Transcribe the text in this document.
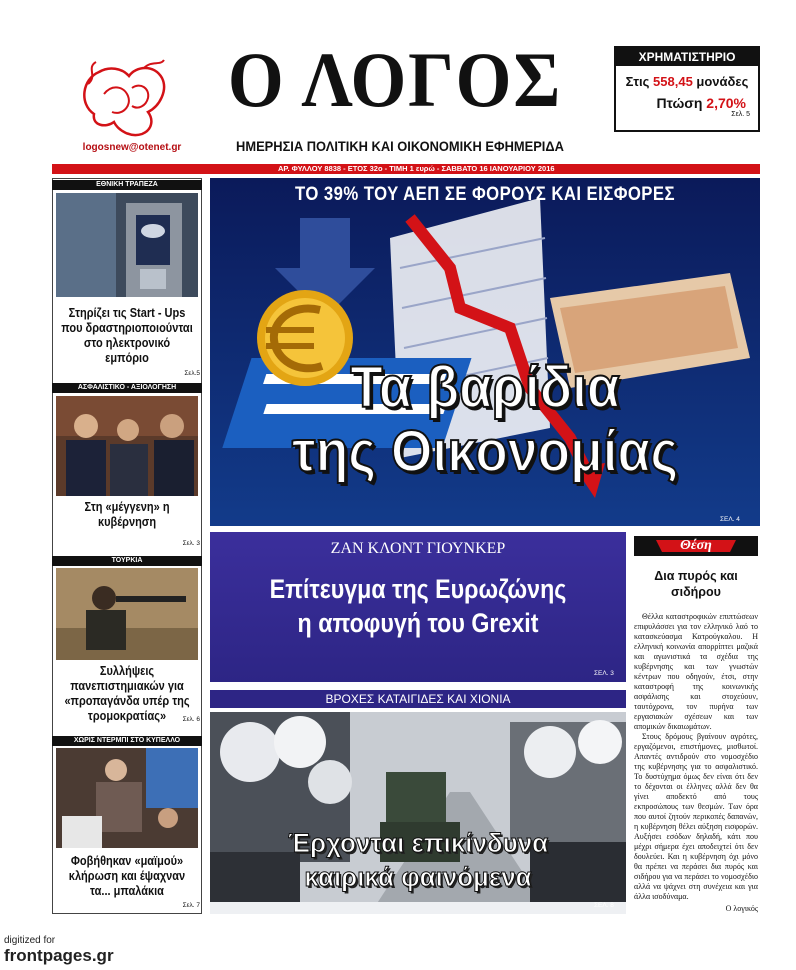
logosnew@otenet.gr
Ο ΛΟΓΟΣ
ΗΜΕΡΗΣΙΑ ΠΟΛΙΤΙΚΗ ΚΑΙ ΟΙΚΟΝΟΜΙΚΗ ΕΦΗΜΕΡΙΔΑ
ΧΡΗΜΑΤΙΣΤΗΡΙΟ
Στις 558,45 μονάδες
Πτώση 2,70%
Σελ. 5
ΑΡ. ΦΥΛΛΟΥ 8838 - ΕΤΟΣ 32ο - ΤΙΜΗ 1 ευρώ - ΣΑΒΒΑΤΟ 16 ΙΑΝΟΥΑΡΙΟΥ 2016
ΕΘΝΙΚΗ ΤΡΑΠΕΖΑ
Στηρίζει τις Start - Ups που δραστηριοποιούνται στο ηλεκτρονικό εμπόριο
Σελ.5
ΑΣΦΑΛΙΣΤΙΚΟ - ΑΞΙΟΛΟΓΗΣΗ
Στη «μέγγενη» η κυβέρνηση
Σελ. 3
ΤΟΥΡΚΙΑ
Συλλήψεις πανεπιστημιακών για «προπαγάνδα υπέρ της τρομοκρατίας»	Σελ. 6
ΧΩΡΙΣ ΝΤΕΡΜΠΙ ΣΤΟ ΚΥΠΕΛΛΟ
Φοβήθηκαν «μαϊμού» κλήρωση και έψαχναν τα... μπαλάκια
Σελ. 7
ΤΟ 39% ΤΟΥ ΑΕΠ ΣΕ ΦΟΡΟΥΣ ΚΑΙ ΕΙΣΦΟΡΕΣ
Τα βαρίδια
της Οικονομίας
ΣΕΛ. 4
ΖΑΝ ΚΛΟΝΤ ΓΙΟΥΝΚΕΡ
Επίτευγμα της Ευρωζώνης
η αποφυγή του Grexit
ΣΕΛ. 3
ΒΡΟΧΕΣ ΚΑΤΑΙΓΙΔΕΣ ΚΑΙ ΧΙΟΝΙΑ
Έρχονται επικίνδυνα
καιρικά φαινόμενα
ΣΕΛ. 8
Θέση
Δια πυρός και σιδήρου

Θέλλα καταστροφικών επιπτώσεων επιφυλάσσει για τον ελληνικό λαό το κατασκεύασμα Κατρούγκαλου. Η ελληνική κοινωνία απορρίπτει μαζικά και αγωνιστικά τα σχέδια της κυβέρνησης και των γνωστών κέντρων που οδηγούν, έτσι, στην καταστροφή της κοινωνικής ασφάλισης και στοχεύουν, ταυτόχρονα, τον πυρήνα των εργασιακών σχέσεων και των απομικών δικαιωμάτων.

Στους δρόμους βγαίνουν αγρότες, εργαζόμενοι, επιστήμονες, μισθωτοί. Απαντές αντιδρούν στο νομοσχέδιο της κυβέρνησης για το ασφαλιστικό. Το δυστύχημα όμως δεν είναι ότι δεν το δέχονται οι έλληνες αλλά δεν θα γίνει αποδεκτό από τους εκπροσώπους των θεσμών. Των όρα που αυτοί ζητούν περικοπές δαπανών, η κυβέρνηση θέλει αύξηση εισφορών. Αυξήσει εσόδων δηλαδή, κάτι που μέχρι σήμερα έχει αποδειχτεί ότι δεν δουλεύει. Και η κυβέρνηση όχι μόνο θα πρέπει να περάσει δια πυρός και σιδήρου για να περάσει το νομοσχέδιο αλλά να ψάχνει στη συνέχεια και για άλλα ισοδύναμα.

Ο λογικός
digitized for
frontpages.gr
